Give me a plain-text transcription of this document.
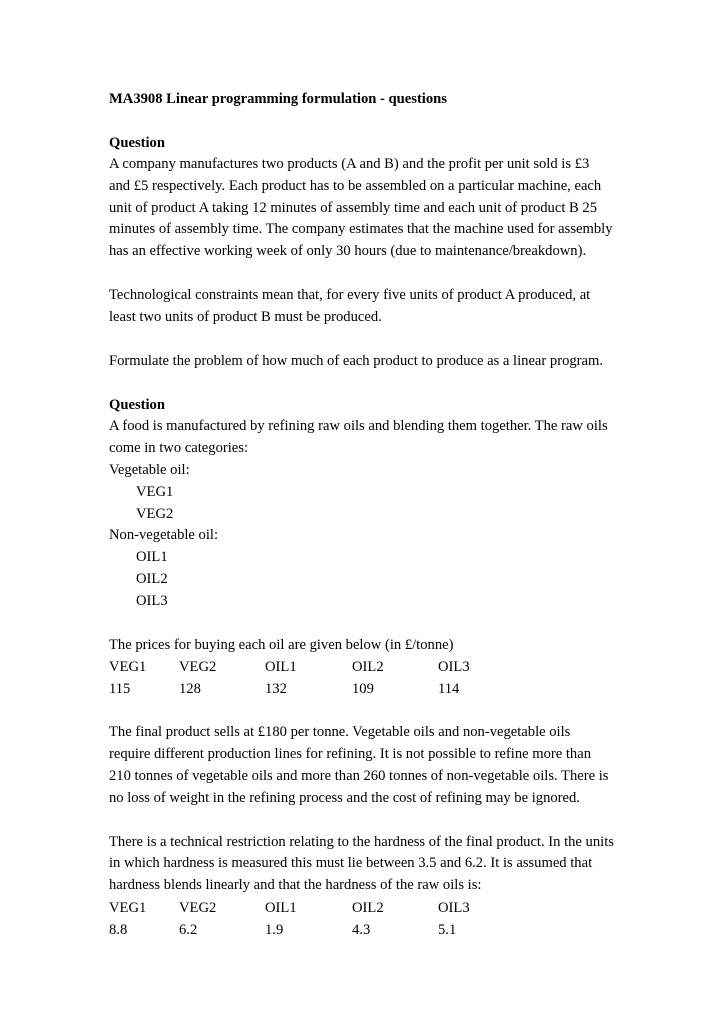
MA3908 Linear programming formulation - questions
Question
A company manufactures two products (A and B) and the profit per unit sold is £3
and £5 respectively. Each product has to be assembled on a particular machine, each
unit of product A taking 12 minutes of assembly time and each unit of product B 25
minutes of assembly time. The company estimates that the machine used for assembly
has an effective working week of only 30 hours (due to maintenance/breakdown).
Technological constraints mean that, for every five units of product A produced, at
least two units of product B must be produced.
Formulate the problem of how much of each product to produce as a linear program.
Question
A food is manufactured by refining raw oils and blending them together. The raw oils
come in two categories:
Vegetable oil:
VEG1
VEG2
Non-vegetable oil:
OIL1
OIL2
OIL3
The prices for buying each oil are given below (in £/tonne)
VEG1	VEG2	OIL1	OIL2	OIL3
115	128	132	109	114
The final product sells at £180 per tonne. Vegetable oils and non-vegetable oils
require different production lines for refining. It is not possible to refine more than
210 tonnes of vegetable oils and more than 260 tonnes of non-vegetable oils. There is
no loss of weight in the refining process and the cost of refining may be ignored.
There is a technical restriction relating to the hardness of the final product. In the units
in which hardness is measured this must lie between 3.5 and 6.2. It is assumed that
hardness blends linearly and that the hardness of the raw oils is:
VEG1	VEG2	OIL1	OIL2	OIL3
8.8	6.2	1.9	4.3	5.1
